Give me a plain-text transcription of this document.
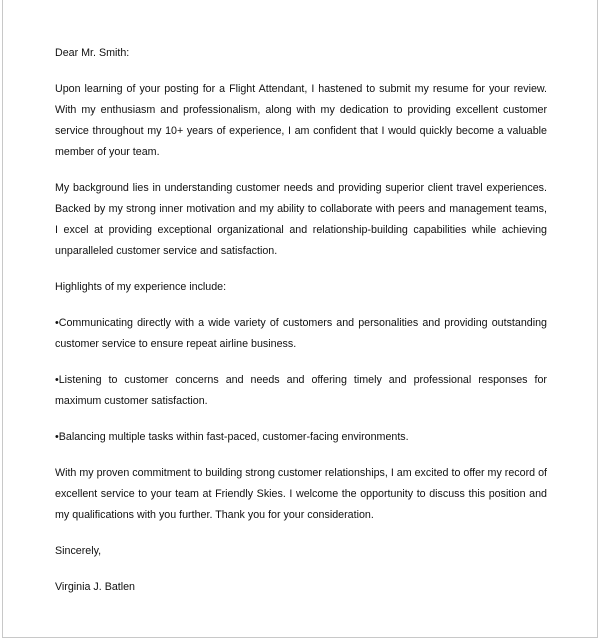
Dear Mr. Smith:

Upon learning of your posting for a Flight Attendant, I hastened to submit my resume for your review. With my enthusiasm and professionalism, along with my dedication to providing excellent customer service throughout my 10+ years of experience, I am confident that I would quickly become a valuable member of your team.

My background lies in understanding customer needs and providing superior client travel experiences. Backed by my strong inner motivation and my ability to collaborate with peers and management teams, I excel at providing exceptional organizational and relationship-building capabilities while achieving unparalleled customer service and satisfaction.

Highlights of my experience include:

•Communicating directly with a wide variety of customers and personalities and providing outstanding customer service to ensure repeat airline business.

•Listening to customer concerns and needs and offering timely and professional responses for maximum customer satisfaction.

•Balancing multiple tasks within fast-paced, customer-facing environments.

With my proven commitment to building strong customer relationships, I am excited to offer my record of excellent service to your team at Friendly Skies. I welcome the opportunity to discuss this position and my qualifications with you further. Thank you for your consideration.

Sincerely,

Virginia J. Batlen
